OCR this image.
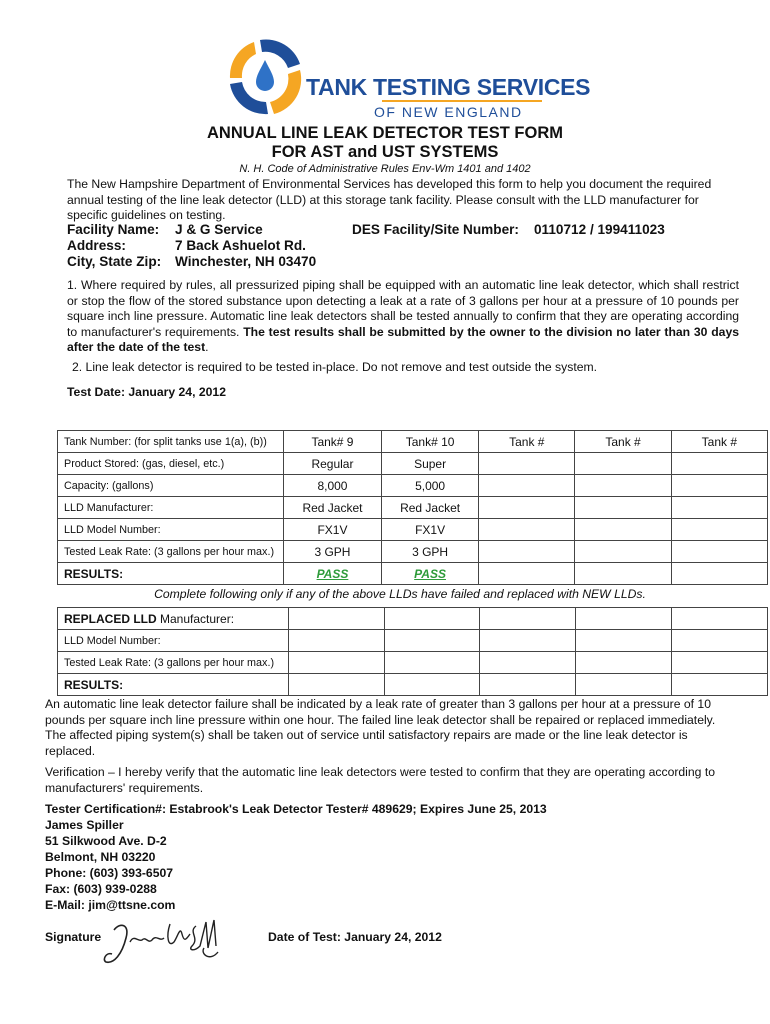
TANK TESTING SERVICES
OF NEW ENGLAND
ANNUAL LINE LEAK DETECTOR TEST FORM
FOR AST and UST SYSTEMS
N. H. Code of Administrative Rules Env-Wm 1401 and 1402
The New Hampshire Department of Environmental Services has developed this form to help you document the required annual testing of the line leak detector (LLD) at this storage tank facility. Please consult with the LLD manufacturer for specific guidelines on testing.
Facility Name: J & G Service	DES Facility/Site Number: 0110712 / 199411023
Address:	7 Back Ashuelot Rd.
City, State Zip: Winchester, NH 03470
1. Where required by rules, all pressurized piping shall be equipped with an automatic line leak detector, which shall restrict or stop the flow of the stored substance upon detecting a leak at a rate of 3 gallons per hour at a pressure of 10 pounds per square inch line pressure. Automatic line leak detectors shall be tested annually to confirm that they are operating according to manufacturer's requirements. The test results shall be submitted by the owner to the division no later than 30 days after the date of the test.
2. Line leak detector is required to be tested in-place. Do not remove and test outside the system.
Test Date: January 24, 2012
Tank Number: (for split tanks use 1(a), (b))	Tank# 9	Tank# 10	Tank #	Tank #	Tank #
Product Stored: (gas, diesel, etc.)	Regular	Super			
Capacity: (gallons)	8,000	5,000			
LLD Manufacturer:	Red Jacket	Red Jacket			
LLD Model Number:	FX1V	FX1V			
Tested Leak Rate: (3 gallons per hour max.)	3 GPH	3 GPH			
RESULTS:	PASS	PASS			
Complete following only if any of the above LLDs have failed and replaced with NEW LLDs.
REPLACED LLD Manufacturer:					
LLD Model Number:					
Tested Leak Rate: (3 gallons per hour max.)					
RESULTS:					
An automatic line leak detector failure shall be indicated by a leak rate of greater than 3 gallons per hour at a pressure of 10 pounds per square inch line pressure within one hour. The failed line leak detector shall be repaired or replaced immediately. The affected piping system(s) shall be taken out of service until satisfactory repairs are made or the line leak detector is replaced.
Verification – I hereby verify that the automatic line leak detectors were tested to confirm that they are operating according to manufacturers' requirements.
Tester Certification#: Estabrook's Leak Detector Tester# 489629; Expires June 25, 2013
James Spiller
51 Silkwood Ave. D-2
Belmont, NH 03220
Phone: (603) 393-6507
Fax: (603) 939-0288
E-Mail: jim@ttsne.com
Signature	Date of Test: January 24, 2012
